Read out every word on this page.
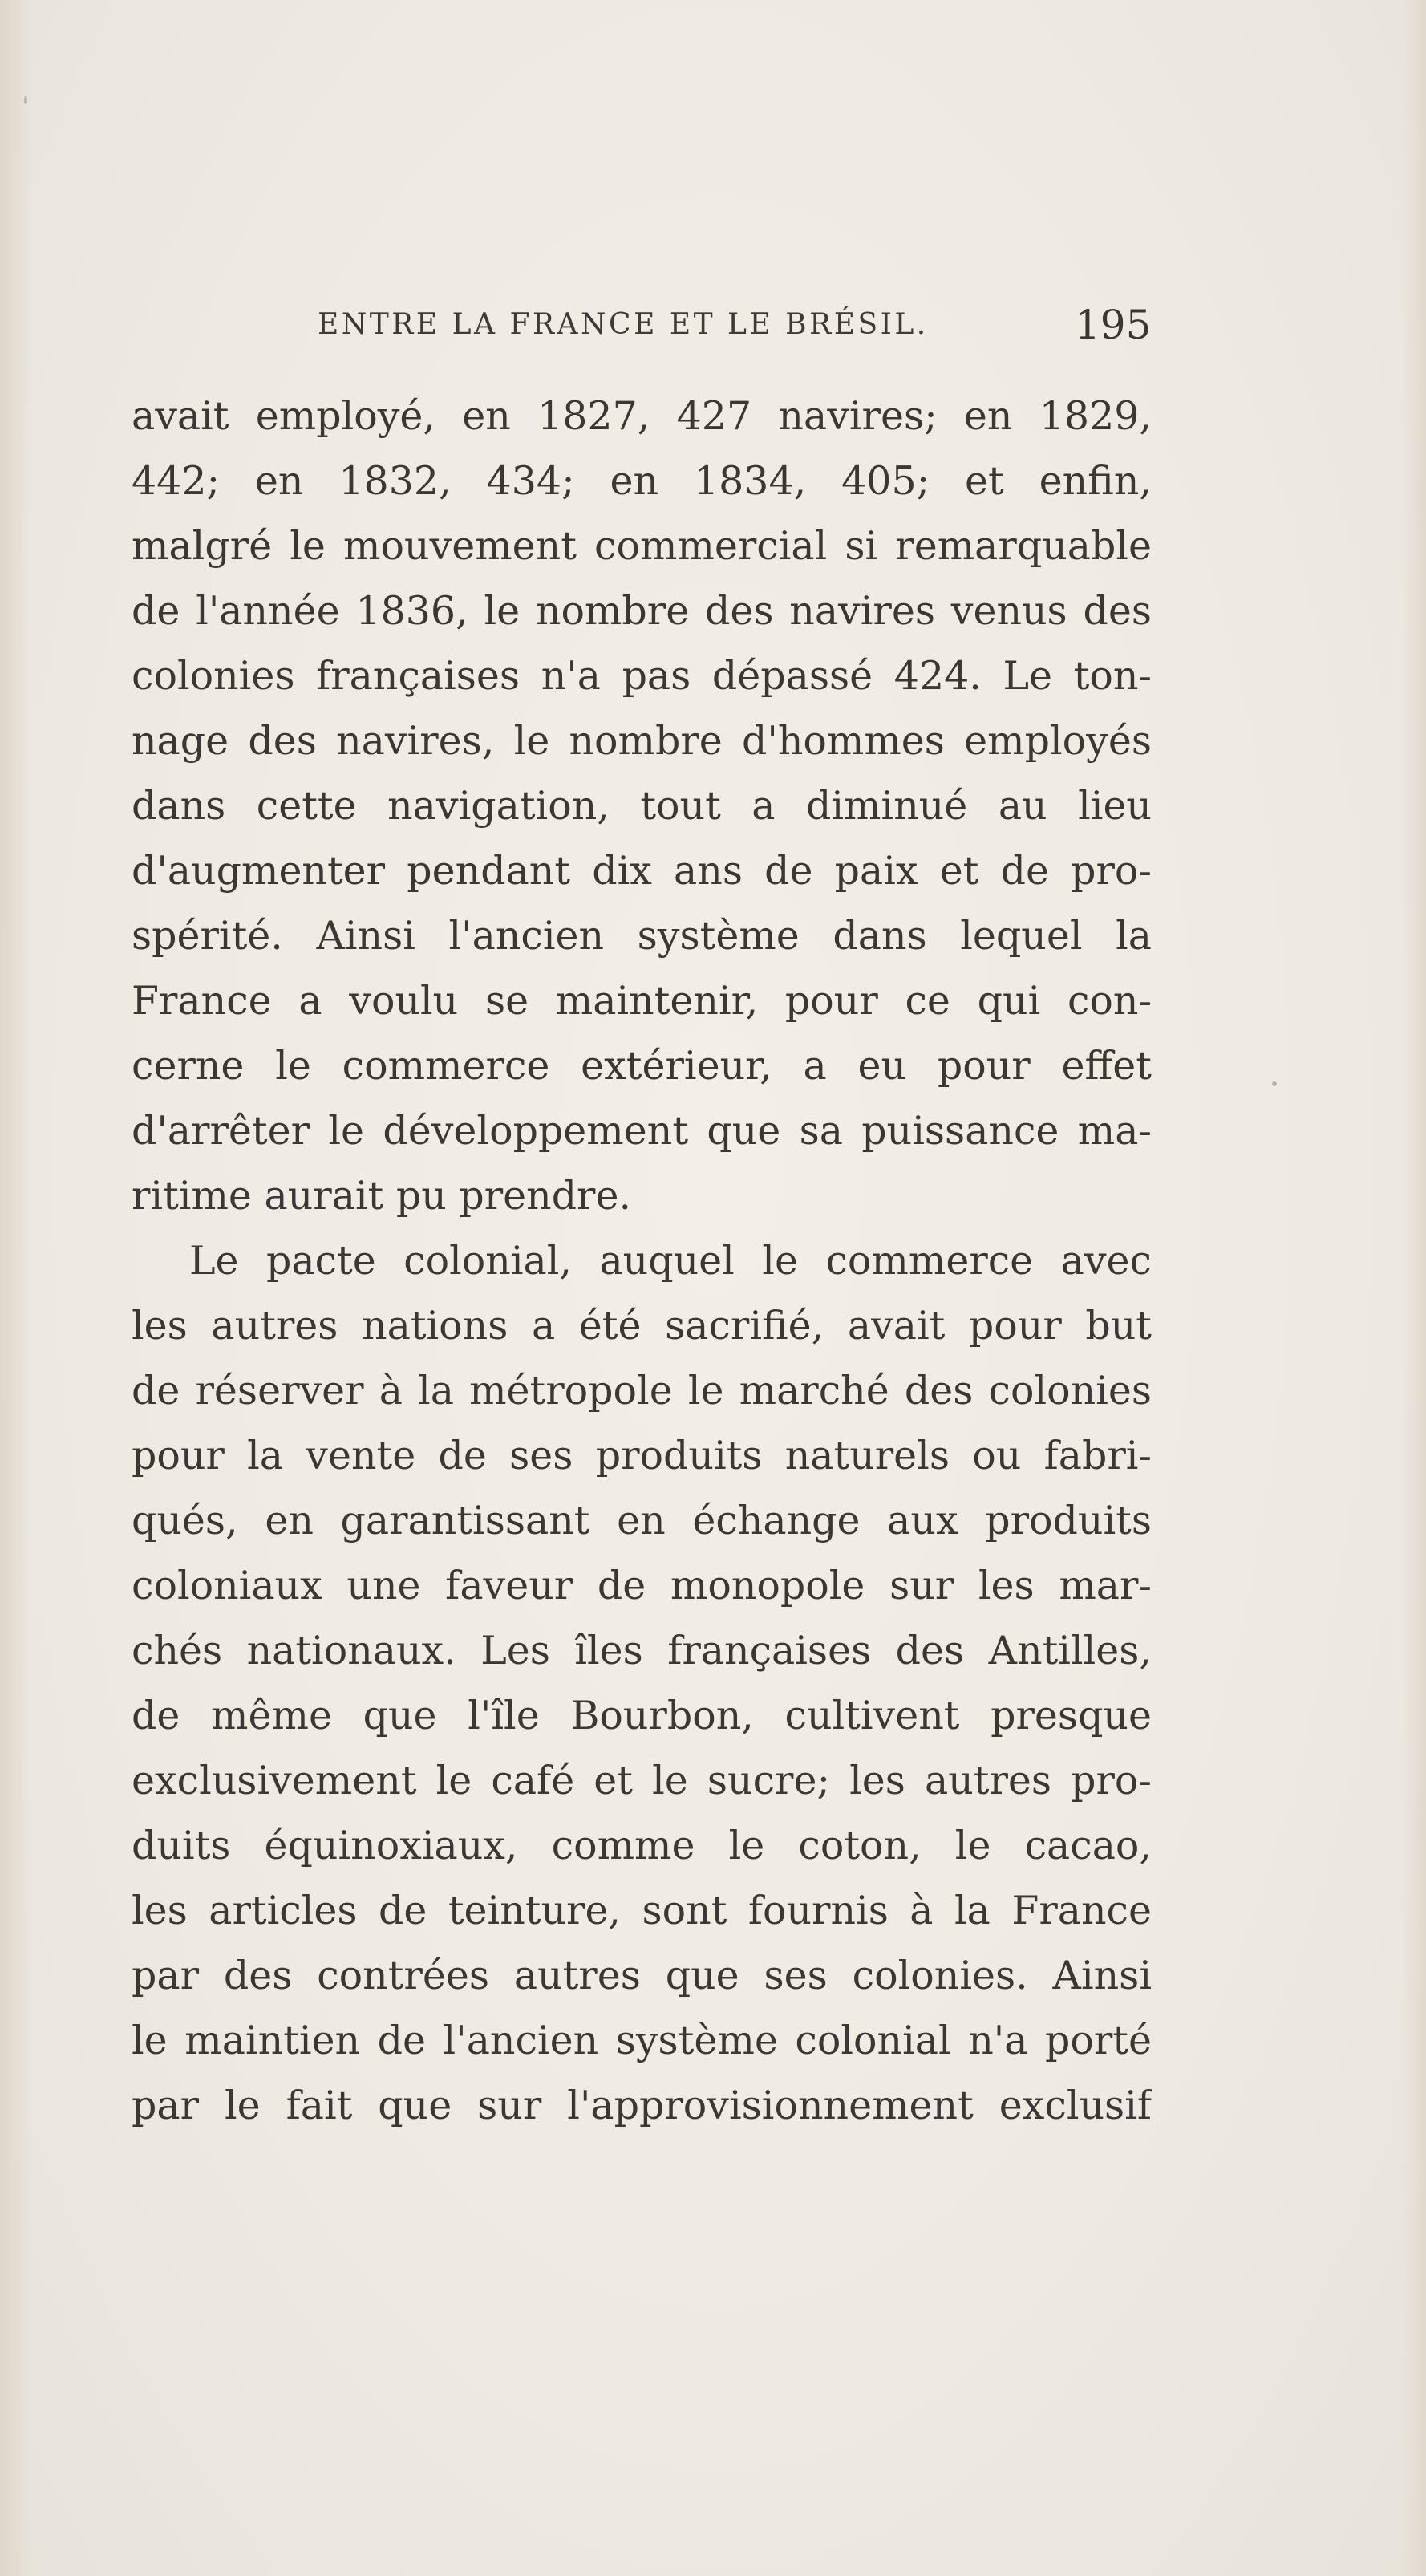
ENTRE LA FRANCE ET LE BRÉSIL.	195
avait employé, en 1827, 427 navires; en 1829,
442; en 1832, 434; en 1834, 405; et enfin,
malgré le mouvement commercial si remarquable
de l'année 1836, le nombre des navires venus des
colonies françaises n'a pas dépassé 424. Le ton-
nage des navires, le nombre d'hommes employés
dans cette navigation, tout a diminué au lieu
d'augmenter pendant dix ans de paix et de pro-
spérité. Ainsi l'ancien système dans lequel la
France a voulu se maintenir, pour ce qui con-
cerne le commerce extérieur, a eu pour effet
d'arrêter le développement que sa puissance ma-
ritime aurait pu prendre.
Le pacte colonial, auquel le commerce avec
les autres nations a été sacrifié, avait pour but
de réserver à la métropole le marché des colonies
pour la vente de ses produits naturels ou fabri-
qués, en garantissant en échange aux produits
coloniaux une faveur de monopole sur les mar-
chés nationaux. Les îles françaises des Antilles,
de même que l'île Bourbon, cultivent presque
exclusivement le café et le sucre; les autres pro-
duits équinoxiaux, comme le coton, le cacao,
les articles de teinture, sont fournis à la France
par des contrées autres que ses colonies. Ainsi
le maintien de l'ancien système colonial n'a porté
par le fait que sur l'approvisionnement exclusif
